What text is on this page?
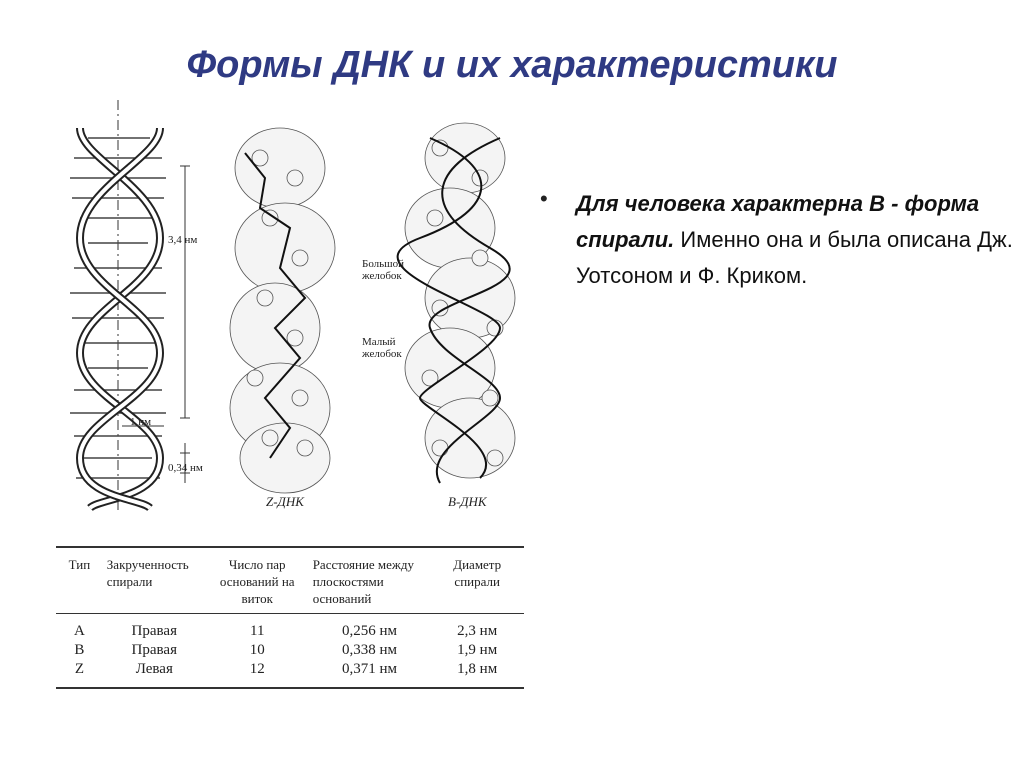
Формы ДНК и их характеристики
3,4 нм
1 нм
0,34 нм
Большой желобок
Малый желобок
Z-ДНК	B-ДНК
• Для человека характерна В - форма спирали. Именно она и была описана Дж. Уотсоном и Ф. Криком.
Тип	Закрученность спирали	Число пар оснований на виток	Расстояние между плоскостями оснований	Диаметр спирали
А	Правая	11	0,256 нм	2,3 нм
В	Правая	10	0,338 нм	1,9 нм
Z	Левая	12	0,371 нм	1,8 нм
